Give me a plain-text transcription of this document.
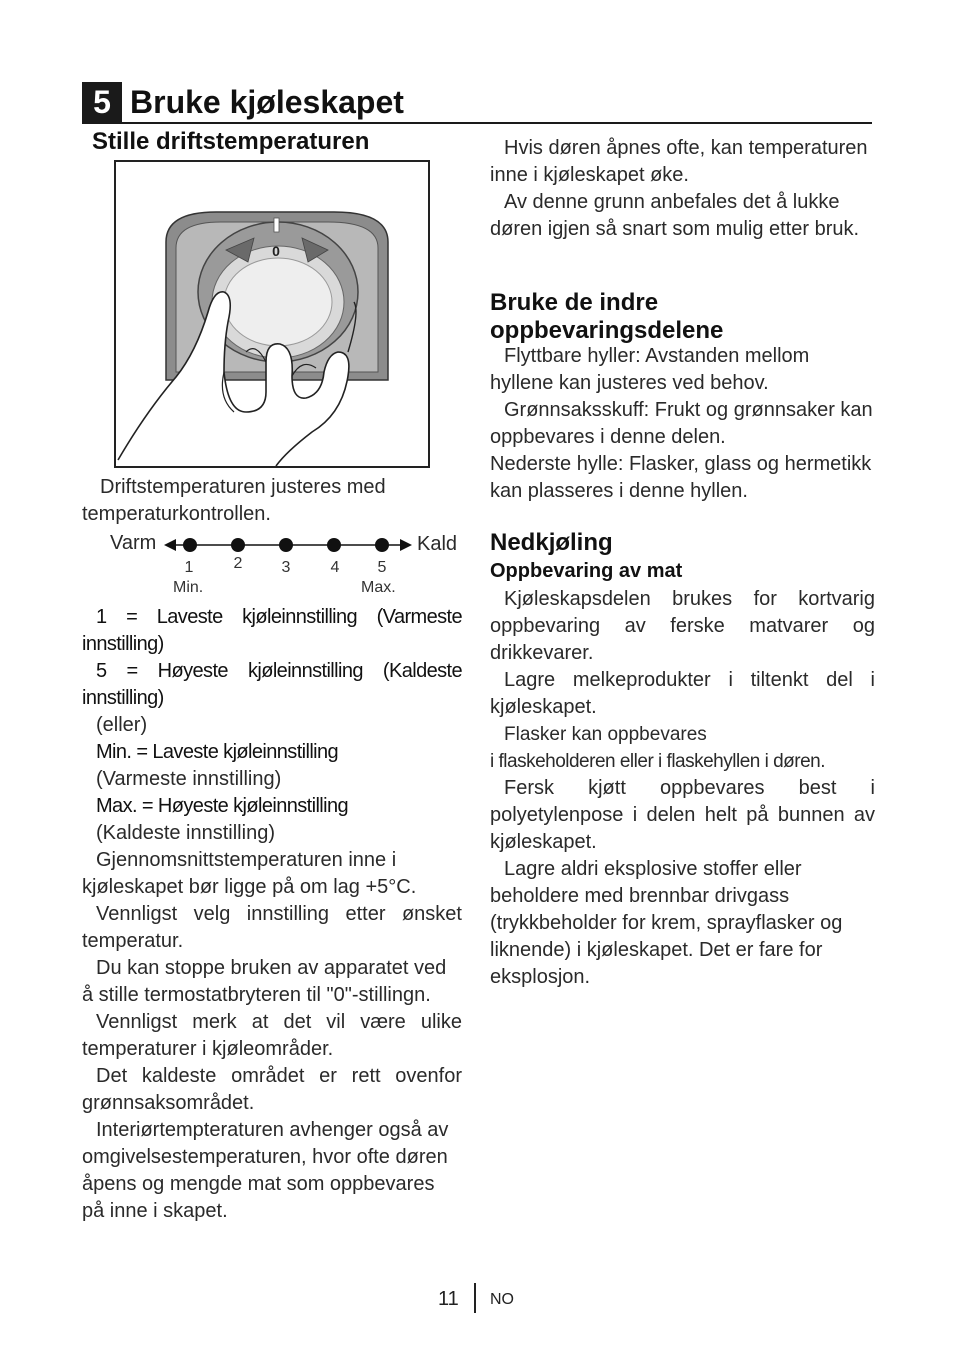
5 Bruke kjøleskapet
Stille driftstemperaturen
0
Driftstemperaturen justeres med temperaturkontrollen.
Varm	Kald
1	2	3	4	5
Min.	Max.
1 = Laveste kjøleinnstilling (Varmeste innstilling)
5 = Høyeste kjøleinnstilling (Kaldeste innstilling)
(eller)
Min. = Laveste kjøleinnstilling
(Varmeste innstilling)
Max. = Høyeste kjøleinnstilling
(Kaldeste innstilling)
Gjennomsnittstemperaturen inne i kjøleskapet bør ligge på om lag +5°C.
Vennligst velg innstilling etter ønsket temperatur.
Du kan stoppe bruken av apparatet ved å stille termostatbryteren til "0"-stillingn.
Vennligst merk at det vil være ulike temperaturer i kjøleområder.
Det kaldeste området er rett ovenfor grønnsaksområdet.
Interiørtempteraturen avhenger også av omgivelsestemperaturen, hvor ofte døren åpens og mengde mat som oppbevares på inne i skapet.
Hvis døren åpnes ofte, kan temperaturen inne i kjøleskapet øke.
Av denne grunn anbefales det å lukke døren igjen så snart som mulig etter bruk.
Bruke de indre oppbevaringsdelene
Flyttbare hyller: Avstanden mellom hyllene kan justeres ved behov.
Grønnsaksskuff: Frukt og grønnsaker kan oppbevares i denne delen.
Nederste hylle: Flasker, glass og hermetikk kan plasseres i denne hyllen.
Nedkjøling
Oppbevaring av mat
Kjøleskapsdelen brukes for kortvarig oppbevaring av ferske matvarer og drikkevarer.
Lagre melkeprodukter i tiltenkt del i kjøleskapet.
Flasker kan oppbevares
i flaskeholderen eller i flaskehyllen i døren.
Fersk kjøtt oppbevares best i polyetylenpose i delen helt på bunnen av kjøleskapet.
Lagre aldri eksplosive stoffer eller beholdere med brennbar drivgass (trykkbeholder for krem, sprayflasker og liknende) i kjøleskapet. Det er fare for eksplosjon.
11 NO
